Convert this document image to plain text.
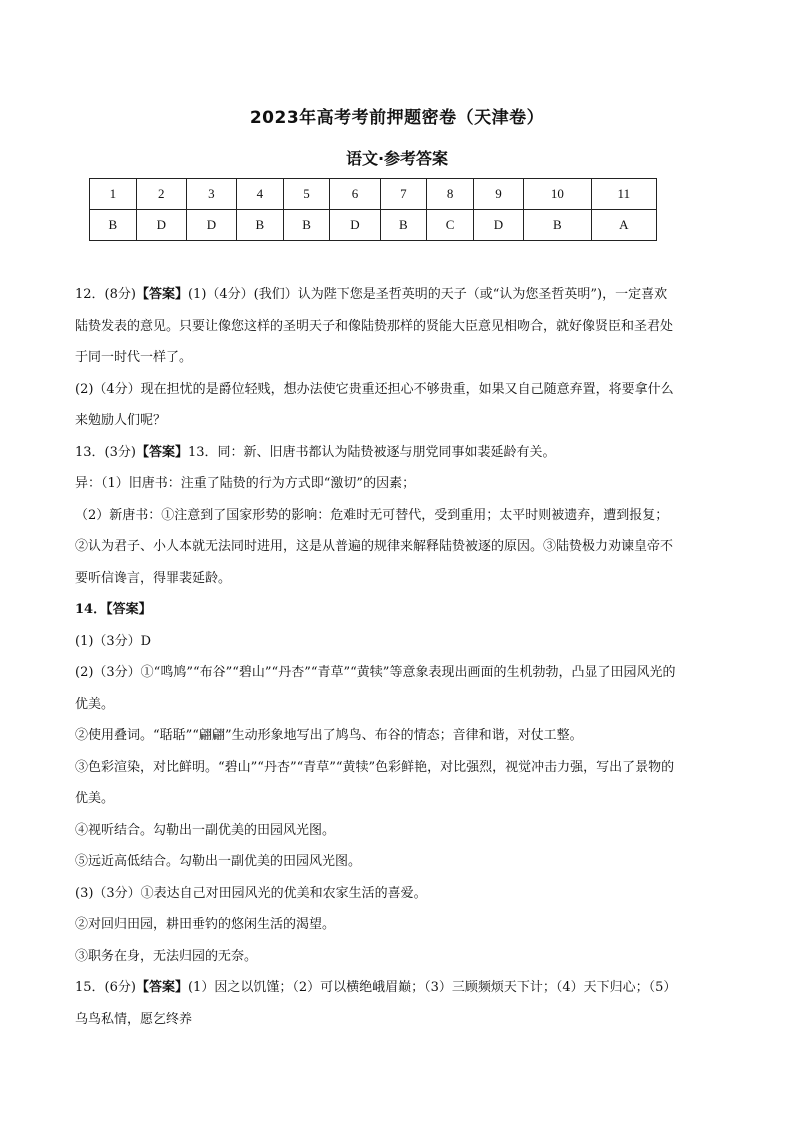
2023年高考考前押题密卷（天津卷）
语文·参考答案
1	2	3	4	5	6	7	8	9	10	11
B	D	D	B	B	D	B	C	D	B	A

12．(8分)【答案】(1)（4分）(我们）认为陛下您是圣哲英明的天子（或“认为您圣哲英明”)，一定喜欢陆贽发表的意见。只要让像您这样的圣明天子和像陆贽那样的贤能大臣意见相吻合，就好像贤臣和圣君处于同一时代一样了。

(2)（4分）现在担忧的是爵位轻贱，想办法使它贵重还担心不够贵重，如果又自己随意弃置，将要拿什么来勉励人们呢？

13．(3分)【答案】13．同：新、旧唐书都认为陆贽被逐与朋党同事如裴延龄有关。

异：（1）旧唐书：注重了陆贽的行为方式即“激切”的因素；

（2）新唐书：①注意到了国家形势的影响：危难时无可替代，受到重用；太平时则被遗弃，遭到报复；②认为君子、小人本就无法同时进用，这是从普遍的规律来解释陆贽被逐的原因。③陆贽极力劝谏皇帝不要听信谗言，得罪裴延龄。

14．【答案】

(1)（3分）D

(2)（3分）①“鸣鸠”“布谷”“碧山”“丹杏”“青草”“黄犊”等意象表现出画面的生机勃勃，凸显了田园风光的优美。

②使用叠词。“聒聒”“翩翩”生动形象地写出了鸠鸟、布谷的情态；音律和谐，对仗工整。

③色彩渲染，对比鲜明。“碧山”“丹杏”“青草”“黄犊”色彩鲜艳，对比强烈，视觉冲击力强，写出了景物的优美。

④视听结合。勾勒出一副优美的田园风光图。

⑤远近高低结合。勾勒出一副优美的田园风光图。

(3)（3分）①表达自己对田园风光的优美和农家生活的喜爱。

②对回归田园，耕田垂钓的悠闲生活的渴望。

③职务在身，无法归园的无奈。

15．(6分)【答案】(1）因之以饥馑；（2）可以横绝峨眉巅；（3）三顾频烦天下计；（4）天下归心；（5）乌鸟私情，愿乞终养
